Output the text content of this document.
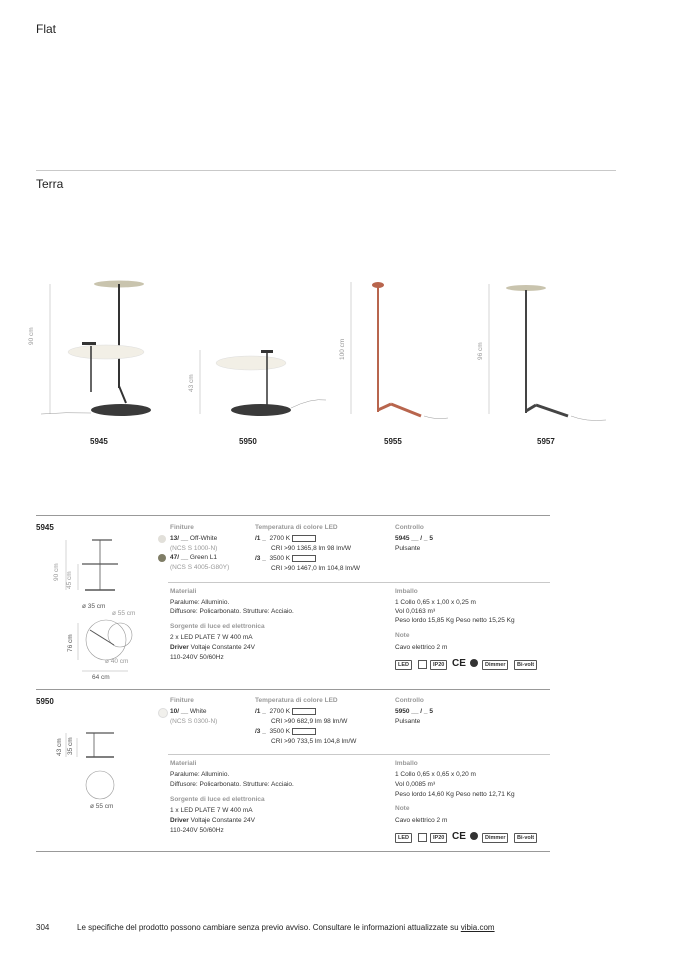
Flat
Terra
90 cm
43 cm
100 cm	96 cm
5945	5950	5955	5957
5945
90 cm 45 cm
ø 35 cm
ø 55 cm
76 cm
ø 40 cm
64 cm
Finiture
13/ __ Off-White
(NCS S 1000-N)
47/ __ Green L1
(NCS S 4005-G80Y)
Temperatura di colore LED
/1 _ 2700 K
CRI >90 1365,8 lm 98 lm/W
/3 _ 3500 K
CRI >90 1467,0 lm 104,8 lm/W
Controllo
5945 __ / _ 5
Pulsante
Materiali
Paralume: Alluminio.
Diffusore: Policarbonato. Strutture: Acciaio.
Sorgente di luce ed elettronica
2 x LED PLATE 7 W 400 mA
Driver Voltaje Constante 24V
110-240V 50/60Hz
Imballo
1 Collo 0,65 x 1,00 x 0,25 m
Vol 0,0163 m³
Peso lordo 15,85 Kg Peso netto 15,25 Kg
Note
Cavo elettrico 2 m
LED	IP20 CE	Dimmer	Bi-volt
5950
43 cm 35 cm
ø 55 cm
Finiture
10/ __ White
(NCS S 0300-N)
Temperatura di colore LED
/1 _ 2700 K
CRI >90 682,9 lm 98 lm/W
/3 _ 3500 K
CRI >90 733,5 lm 104,8 lm/W
Controllo
5950 __ / _ 5
Pulsante
Materiali
Paralume: Alluminio.
Diffusore: Policarbonato. Strutture: Acciaio.
Sorgente di luce ed elettronica
1 x LED PLATE 7 W 400 mA
Driver Voltaje Constante 24V
110-240V 50/60Hz
Imballo
1 Collo 0,65 x 0,65 x 0,20 m
Vol 0,0085 m³
Peso lordo 14,60 Kg Peso netto 12,71 Kg
Note
Cavo elettrico 2 m
LED	IP20 CE	Dimmer	Bi-volt
304	Le specifiche del prodotto possono cambiare senza previo avviso. Consultare le informazioni attualizzate su vibia.com
